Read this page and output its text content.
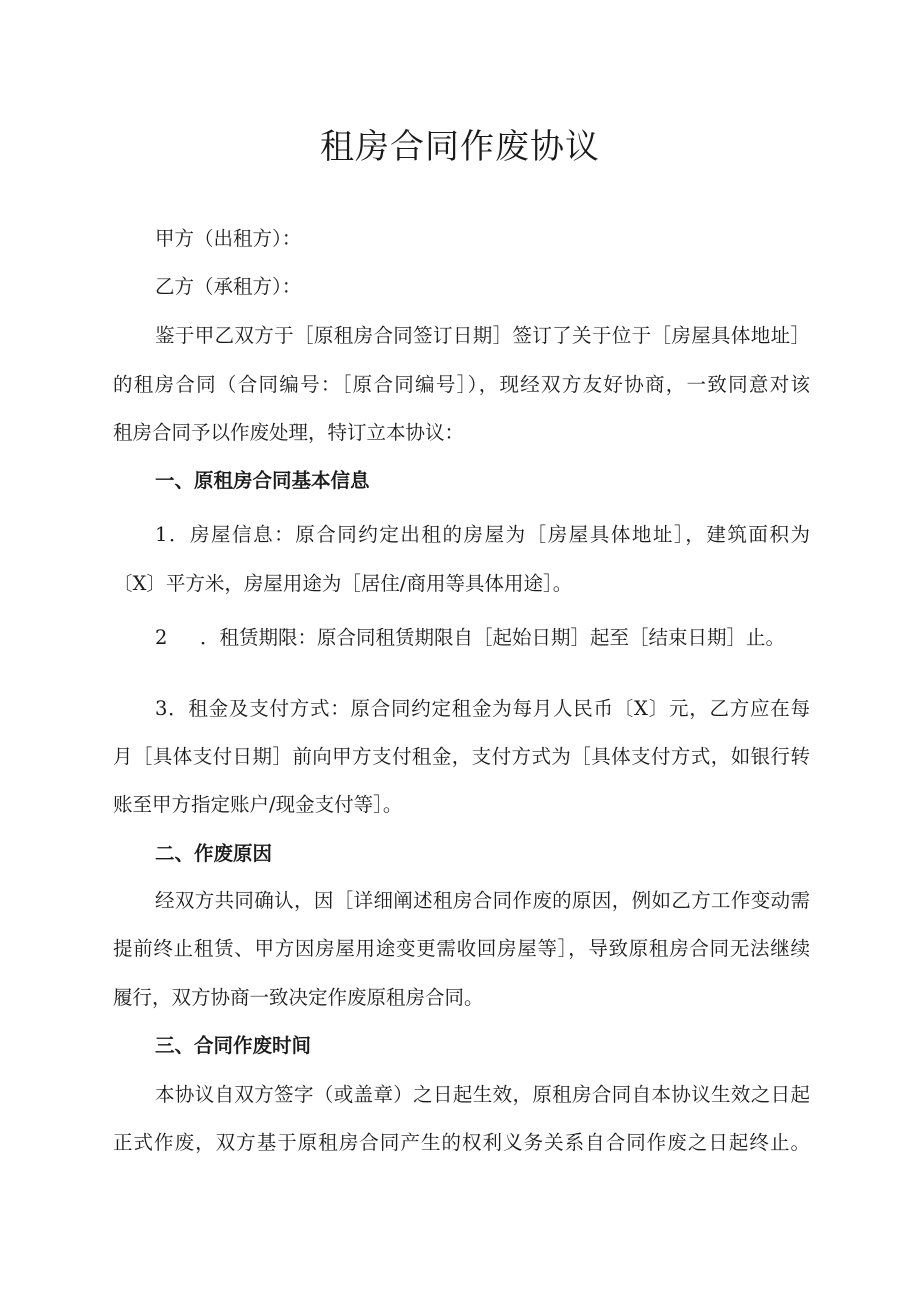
租房合同作废协议

甲方（出租方）：

乙方（承租方）：

鉴于甲乙双方于［原租房合同签订日期］签订了关于位于［房屋具体地址］

的租房合同（合同编号：［原合同编号］），现经双方友好协商，一致同意对该

租房合同予以作废处理，特订立本协议：

一、原租房合同基本信息

1．房屋信息：原合同约定出租的房屋为［房屋具体地址］，建筑面积为

〔X〕平方米，房屋用途为［居住/商用等具体用途］。

2 ．租赁期限：原合同租赁期限自［起始日期］起至［结束日期］止。

3．租金及支付方式：原合同约定租金为每月人民币〔X〕元，乙方应在每

月［具体支付日期］前向甲方支付租金，支付方式为［具体支付方式，如银行转

账至甲方指定账户/现金支付等］。

二、作废原因

经双方共同确认，因［详细阐述租房合同作废的原因，例如乙方工作变动需

提前终止租赁、甲方因房屋用途变更需收回房屋等］，导致原租房合同无法继续

履行，双方协商一致决定作废原租房合同。

三、合同作废时间

本协议自双方签字（或盖章）之日起生效，原租房合同自本协议生效之日起

正式作废，双方基于原租房合同产生的权利义务关系自合同作废之日起终止。
